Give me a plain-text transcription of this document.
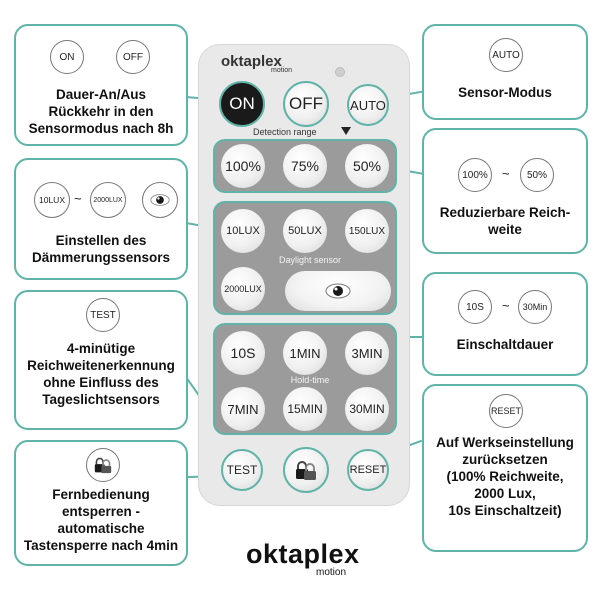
oktaplex
motion
ON	OFF	AUTO
Detection range
100%	75%	50%
10LUX	50LUX	150LUX
Daylight sensor
2000LUX
10S	1MIN	3MIN
Hold-time
7MIN	15MIN	30MIN
TEST	RESET
ON	OFF
Dauer-An/Aus
Rückkehr in den
Sensormodus nach 8h
AUTO
Sensor-Modus
100%	~	50%
Reduzierbare Reich-
weite
10LUX ~	2000LUX
Einstellen des
Dämmerungssensors
10S	~	30Min
Einschaltdauer
TEST
4-minütige
Reichweitenerkennung
ohne Einfluss des
Tageslichtsensors
RESET
Auf Werkseinstellung
zurücksetzen
(100% Reichweite,
2000 Lux,
10s Einschaltzeit)
Fernbedienung
entsperren -
automatische
Tastensperre nach 4min	oktaplex
motion
